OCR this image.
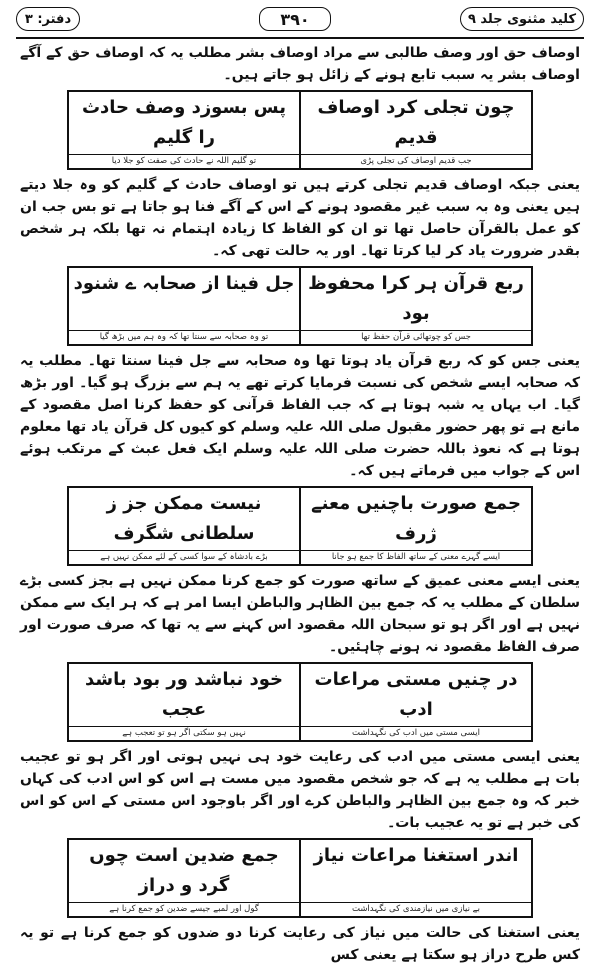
کلید مثنوی جلد ۹
۳۹۰
دفتر: ۳

اوصاف حق اور وصف طالبی سے مراد اوصاف بشر مطلب یہ کہ اوصاف حق کے آگے اوصاف بشر یہ سبب تابع ہونے کے زائل ہو جاتے ہیں۔

چون تجلی کرد اوصاف قدیم
پس بسوزد وصف حادث را گلیم
جب قدیم اوصاف کی تجلی پڑی
تو گلیم اللہ نے حادث کی صفت کو جلا دیا

یعنی جبکہ اوصاف قدیم تجلی کرتے ہیں تو اوصاف حادث کے گلیم کو وہ جلا دیتے ہیں یعنی وہ بہ سبب غیر مقصود ہونے کے اس کے آگے فنا ہو جاتا ہے تو بس جب ان کو عمل بالقرآن حاصل تھا تو ان کو الفاظ کا زیادہ اہتمام نہ تھا بلکہ ہر شخص بقدر ضرورت یاد کر لیا کرتا تھا۔ اور یہ حالت تھی کہ۔

ربع قرآن ہر کرا محفوظ بود
جل فینا از صحابہ ے شنود
جس کو چوتھائی قرآن حفظ تھا
تو وہ صحابہ سے سنتا تھا کہ وہ ہم میں بڑھ گیا

یعنی جس کو کہ ربع قرآن یاد ہوتا تھا وہ صحابہ سے جل فینا سنتا تھا۔ مطلب یہ کہ صحابہ ایسے شخص کی نسبت فرمایا کرتے تھے یہ ہم سے بزرگ ہو گیا۔ اور بڑھ گیا۔ اب یہاں یہ شبہ ہوتا ہے کہ جب الفاظ قرآنی کو حفظ کرنا اصل مقصود کے مانع ہے تو پھر حضور مقبول صلی اللہ علیہ وسلم کو کیوں کل قرآن یاد تھا معلوم ہوتا ہے کہ نعوذ باللہ حضرت صلی اللہ علیہ وسلم ایک فعل عبث کے مرتکب ہوئے اس کے جواب میں فرماتے ہیں کہ۔

جمع صورت باچنیں معنے ژرف
نیست ممکن جز ز سلطانی شگرف
ایسے گہرے معنی کے ساتھ الفاظ کا جمع ہو جانا
بڑے بادشاہ کے سوا کسی کے لئے ممکن نہیں ہے

یعنی ایسے معنی عمیق کے ساتھ صورت کو جمع کرنا ممکن نہیں ہے بجز کسی بڑے سلطان کے مطلب یہ کہ جمع بین الظاہر والباطن ایسا امر ہے کہ ہر ایک سے ممکن نہیں ہے اور اگر ہو تو سبحان اللہ مقصود اس کہنے سے یہ تھا کہ صرف صورت اور صرف الفاظ مقصود نہ ہونے چاہئیں۔

در چنیں مستی مراعات ادب
خود نباشد ور بود باشد عجب
ایسی مستی میں ادب کی نگہداشت
نہیں ہو سکتی اگر ہو تو تعجب ہے

یعنی ایسی مستی میں ادب کی رعایت خود ہی نہیں ہوتی اور اگر ہو تو عجیب بات ہے مطلب یہ ہے کہ جو شخص مقصود میں مست ہے اس کو اس ادب کی کہاں خبر کہ وہ جمع بین الظاہر والباطن کرے اور اگر باوجود اس مستی کے اس کو اس کی خبر ہے تو یہ عجیب بات۔

اندر استغنا مراعات نیاز
جمع ضدین است چوں گرد و دراز
بے نیازی میں نیازمندی کی نگہداشت
گول اور لمبے جیسے ضدین کو جمع کرنا ہے

یعنی استغنا کی حالت میں نیاز کی رعایت کرنا دو ضدوں کو جمع کرنا ہے تو یہ کس طرح دراز ہو سکتا ہے یعنی کس
